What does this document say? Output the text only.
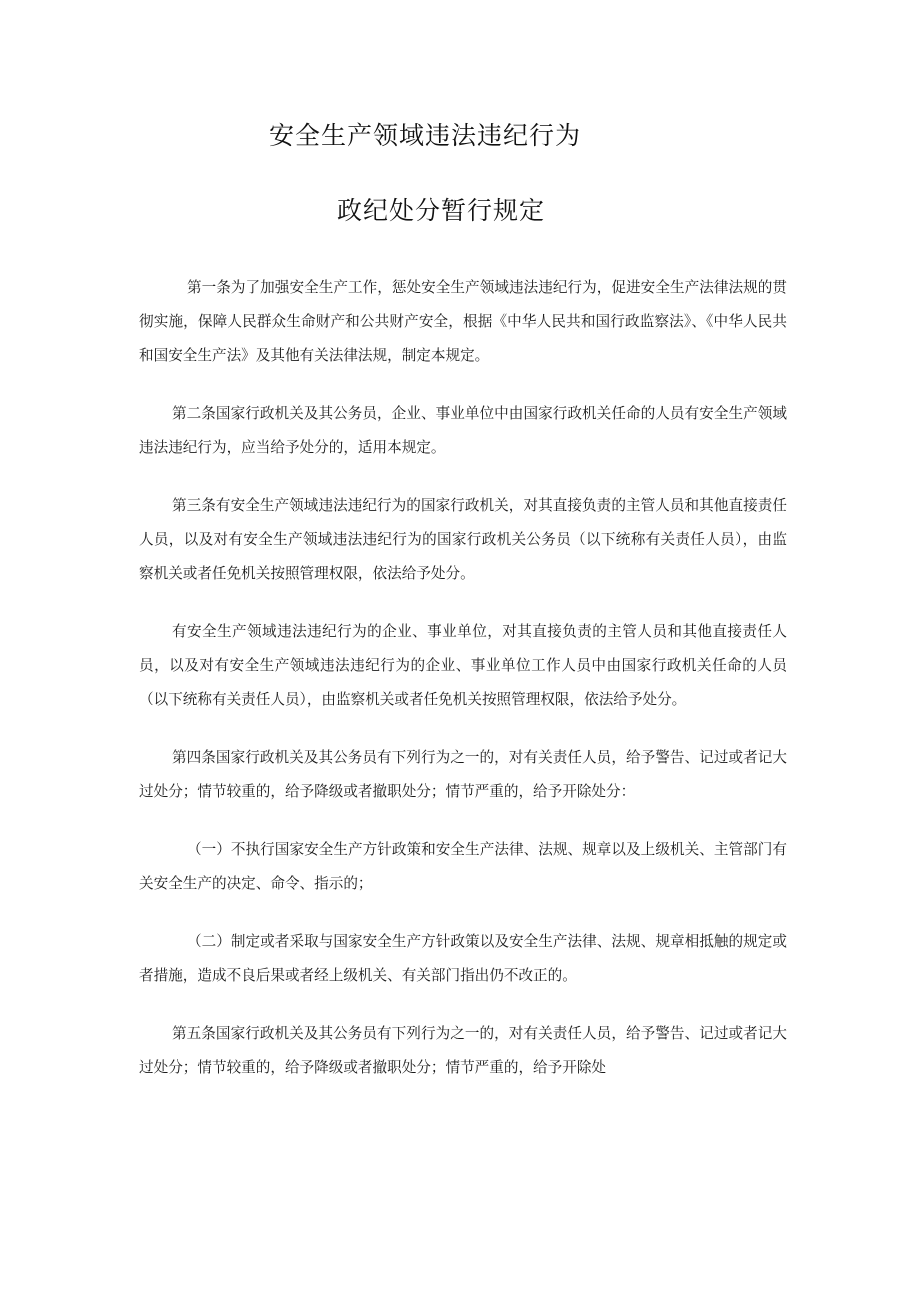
安全生产领域违法违纪行为
政纪处分暂行规定

第一条为了加强安全生产工作，惩处安全生产领域违法违纪行为，促进安全生产法律法规的贯彻实施，保障人民群众生命财产和公共财产安全，根据《中华人民共和国行政监察法》、《中华人民共和国安全生产法》及其他有关法律法规，制定本规定。

第二条国家行政机关及其公务员，企业、事业单位中由国家行政机关任命的人员有安全生产领域违法违纪行为，应当给予处分的，适用本规定。

第三条有安全生产领域违法违纪行为的国家行政机关，对其直接负责的主管人员和其他直接责任人员，以及对有安全生产领域违法违纪行为的国家行政机关公务员（以下统称有关责任人员），由监察机关或者任免机关按照管理权限，依法给予处分。

有安全生产领域违法违纪行为的企业、事业单位，对其直接负责的主管人员和其他直接责任人员，以及对有安全生产领域违法违纪行为的企业、事业单位工作人员中由国家行政机关任命的人员（以下统称有关责任人员），由监察机关或者任免机关按照管理权限，依法给予处分。

第四条国家行政机关及其公务员有下列行为之一的，对有关责任人员，给予警告、记过或者记大过处分；情节较重的，给予降级或者撤职处分；情节严重的，给予开除处分：

（一）不执行国家安全生产方针政策和安全生产法律、法规、规章以及上级机关、主管部门有关安全生产的决定、命令、指示的；

（二）制定或者采取与国家安全生产方针政策以及安全生产法律、法规、规章相抵触的规定或者措施，造成不良后果或者经上级机关、有关部门指出仍不改正的。

第五条国家行政机关及其公务员有下列行为之一的，对有关责任人员，给予警告、记过或者记大过处分；情节较重的，给予降级或者撤职处分；情节严重的，给予开除处
